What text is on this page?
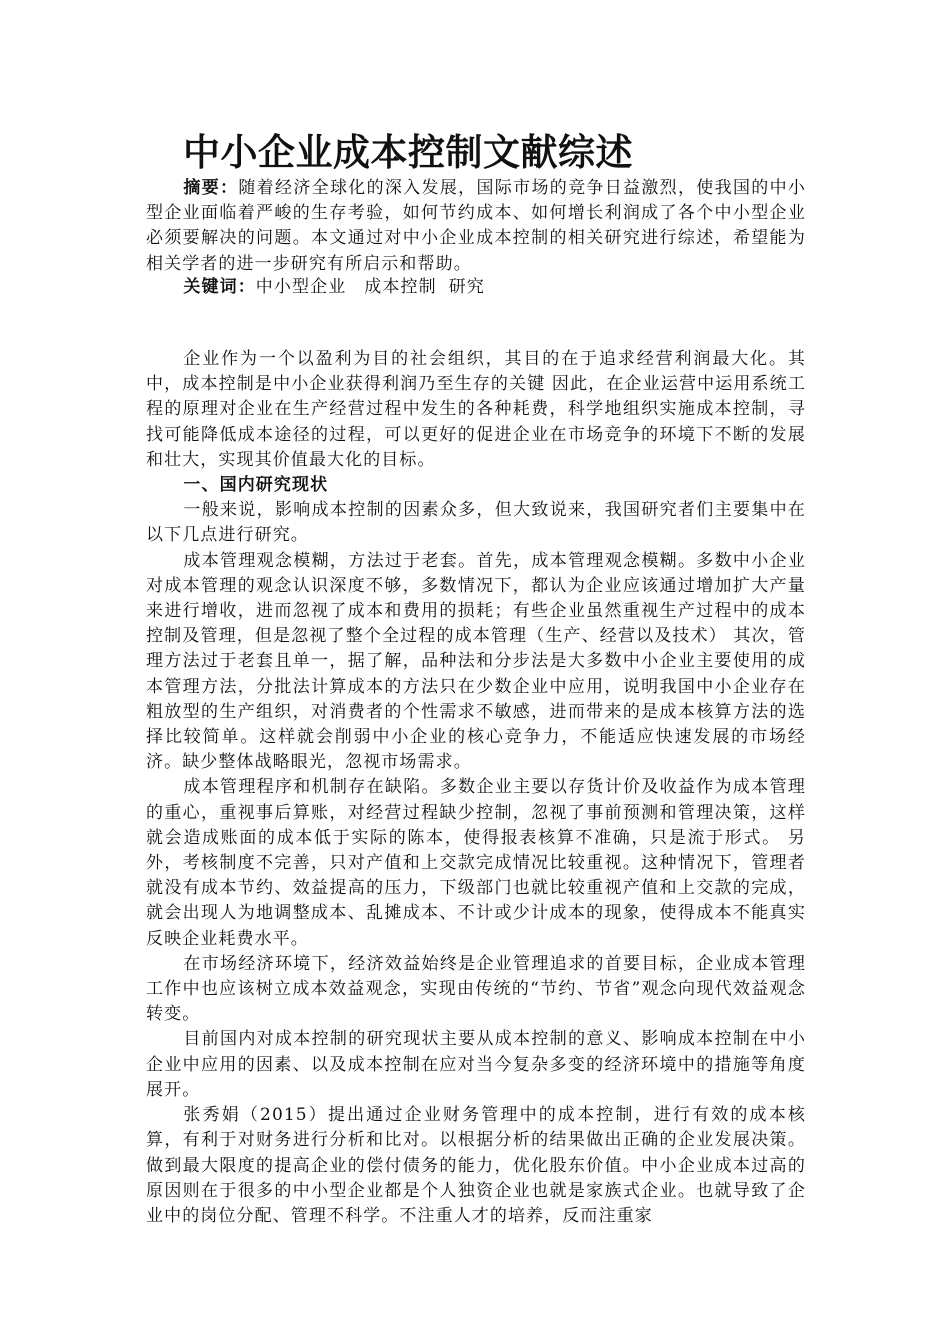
中小企业成本控制文献综述

摘要：随着经济全球化的深入发展，国际市场的竞争日益激烈，使我国的中小型企业面临着严峻的生存考验，如何节约成本、如何增长利润成了各个中小型企业必须要解决的问题。本文通过对中小企业成本控制的相关研究进行综述，希望能为相关学者的进一步研究有所启示和帮助。

关键词：中小型企业 成本控制 研究

企业作为一个以盈利为目的社会组织，其目的在于追求经营利润最大化。其中，成本控制是中小企业获得利润乃至生存的关键 因此，在企业运营中运用系统工程的原理对企业在生产经营过程中发生的各种耗费，科学地组织实施成本控制，寻找可能降低成本途径的过程，可以更好的促进企业在市场竞争的环境下不断的发展和壮大，实现其价值最大化的目标。

一、国内研究现状

一般来说，影响成本控制的因素众多，但大致说来，我国研究者们主要集中在以下几点进行研究。

成本管理观念模糊，方法过于老套。首先，成本管理观念模糊。多数中小企业对成本管理的观念认识深度不够，多数情况下，都认为企业应该通过增加扩大产量来进行增收，进而忽视了成本和费用的损耗；有些企业虽然重视生产过程中的成本控制及管理，但是忽视了整个全过程的成本管理（生产、经营以及技术） 其次，管理方法过于老套且单一，据了解，品种法和分步法是大多数中小企业主要使用的成本管理方法，分批法计算成本的方法只在少数企业中应用，说明我国中小企业存在粗放型的生产组织，对消费者的个性需求不敏感，进而带来的是成本核算方法的选择比较简单。这样就会削弱中小企业的核心竞争力，不能适应快速发展的市场经济。缺少整体战略眼光，忽视市场需求。

成本管理程序和机制存在缺陷。多数企业主要以存货计价及收益作为成本管理的重心，重视事后算账，对经营过程缺少控制，忽视了事前预测和管理决策，这样就会造成账面的成本低于实际的陈本，使得报表核算不准确，只是流于形式。 另外，考核制度不完善，只对产值和上交款完成情况比较重视。这种情况下，管理者就没有成本节约、效益提高的压力，下级部门也就比较重视产值和上交款的完成，就会出现人为地调整成本、乱摊成本、不计或少计成本的现象，使得成本不能真实反映企业耗费水平。

在市场经济环境下，经济效益始终是企业管理追求的首要目标，企业成本管理工作中也应该树立成本效益观念，实现由传统的“节约、节省”观念向现代效益观念转变。

目前国内对成本控制的研究现状主要从成本控制的意义、影响成本控制在中小企业中应用的因素、以及成本控制在应对当今复杂多变的经济环境中的措施等角度展开。

张秀娟（2015）提出通过企业财务管理中的成本控制，进行有效的成本核算，有利于对财务进行分析和比对。以根据分析的结果做出正确的企业发展决策。做到最大限度的提高企业的偿付债务的能力，优化股东价值。中小企业成本过高的原因则在于很多的中小型企业都是个人独资企业也就是家族式企业。也就导致了企业中的岗位分配、管理不科学。不注重人才的培养，反而注重家
